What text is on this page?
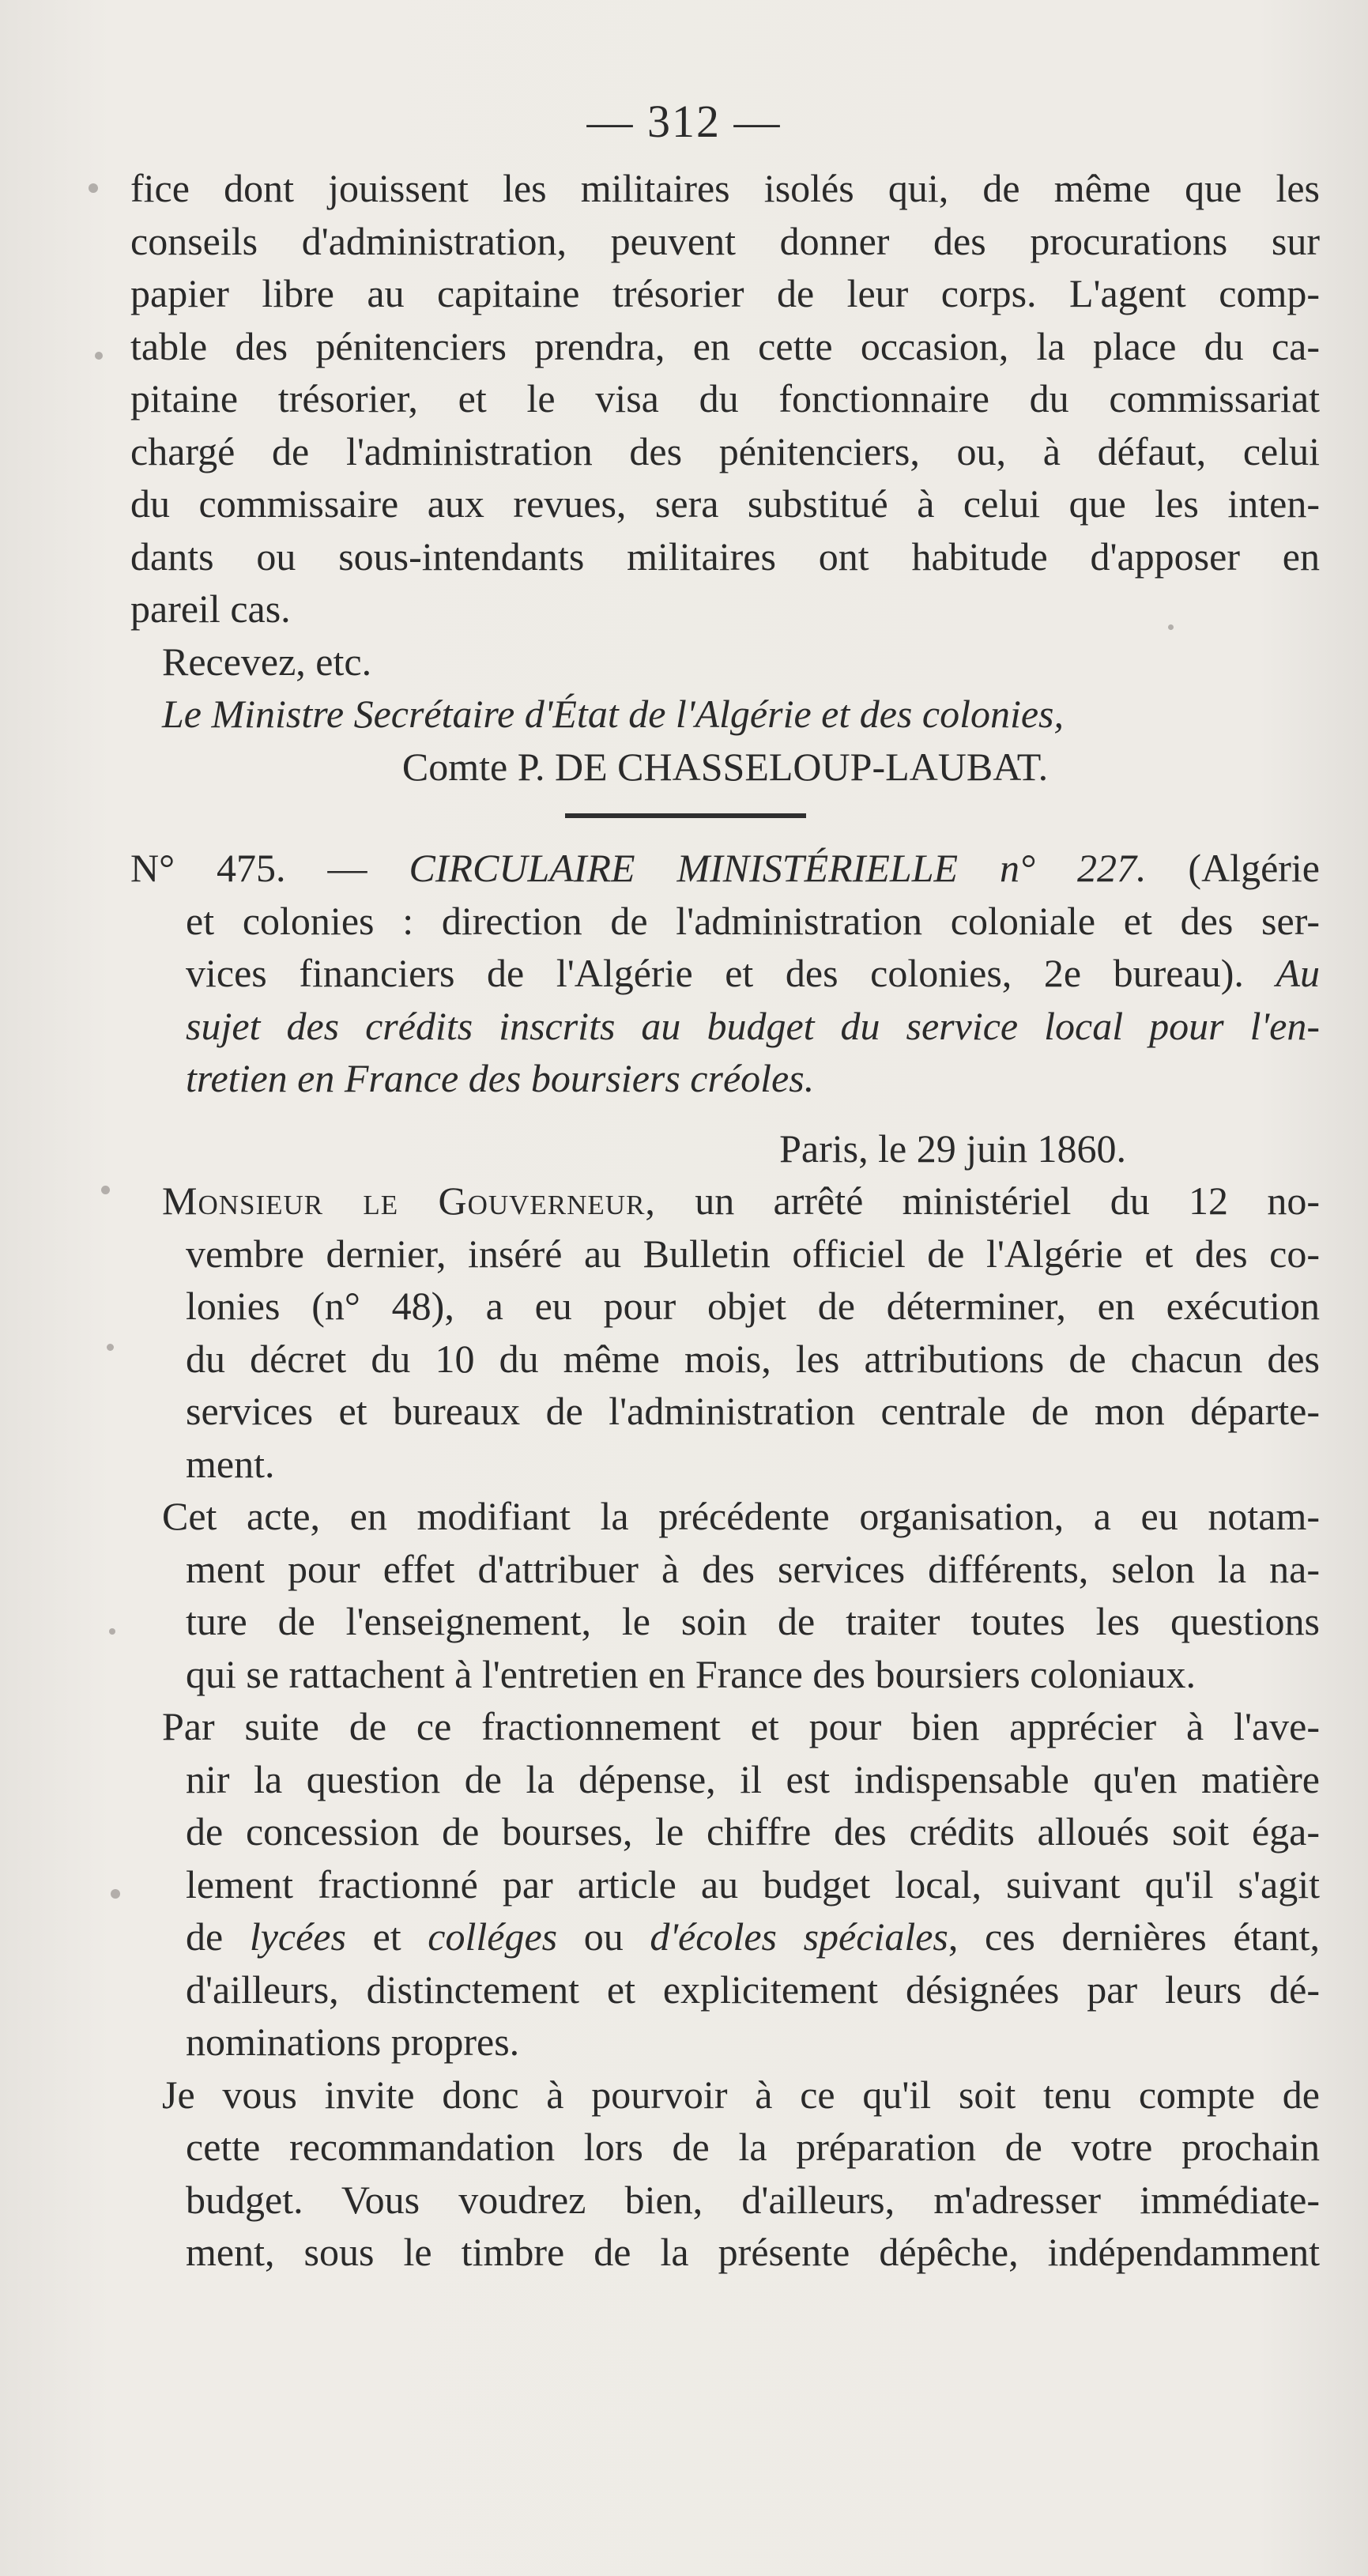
— 312 —
fice dont jouissent les militaires isolés qui, de même que les
conseils d'administration, peuvent donner des procurations sur
papier libre au capitaine trésorier de leur corps. L'agent comp-
table des pénitenciers prendra, en cette occasion, la place du ca-
pitaine trésorier, et le visa du fonctionnaire du commissariat
chargé de l'administration des pénitenciers, ou, à défaut, celui
du commissaire aux revues, sera substitué à celui que les inten-
dants ou sous-intendants militaires ont habitude d'apposer en
pareil cas.
Recevez, etc.
Le Ministre Secrétaire d'État de l'Algérie et des colonies,
Comte P. DE CHASSELOUP-LAUBAT.
N° 475. — CIRCULAIRE MINISTÉRIELLE n° 227. (Algérie
et colonies : direction de l'administration coloniale et des ser-
vices financiers de l'Algérie et des colonies, 2e bureau). Au
sujet des crédits inscrits au budget du service local pour l'en-
tretien en France des boursiers créoles.
Paris, le 29 juin 1860.
Monsieur le Gouverneur, un arrêté ministériel du 12 no-
vembre dernier, inséré au Bulletin officiel de l'Algérie et des co-
lonies (n° 48), a eu pour objet de déterminer, en exécution
du décret du 10 du même mois, les attributions de chacun des
services et bureaux de l'administration centrale de mon départe-
ment.
Cet acte, en modifiant la précédente organisation, a eu notam-
ment pour effet d'attribuer à des services différents, selon la na-
ture de l'enseignement, le soin de traiter toutes les questions
qui se rattachent à l'entretien en France des boursiers coloniaux.
Par suite de ce fractionnement et pour bien apprécier à l'ave-
nir la question de la dépense, il est indispensable qu'en matière
de concession de bourses, le chiffre des crédits alloués soit éga-
lement fractionné par article au budget local, suivant qu'il s'agit
de lycées et colléges ou d'écoles spéciales, ces dernières étant,
d'ailleurs, distinctement et explicitement désignées par leurs dé-
nominations propres.
Je vous invite donc à pourvoir à ce qu'il soit tenu compte de
cette recommandation lors de la préparation de votre prochain
budget. Vous voudrez bien, d'ailleurs, m'adresser immédiate-
ment, sous le timbre de la présente dépêche, indépendamment
